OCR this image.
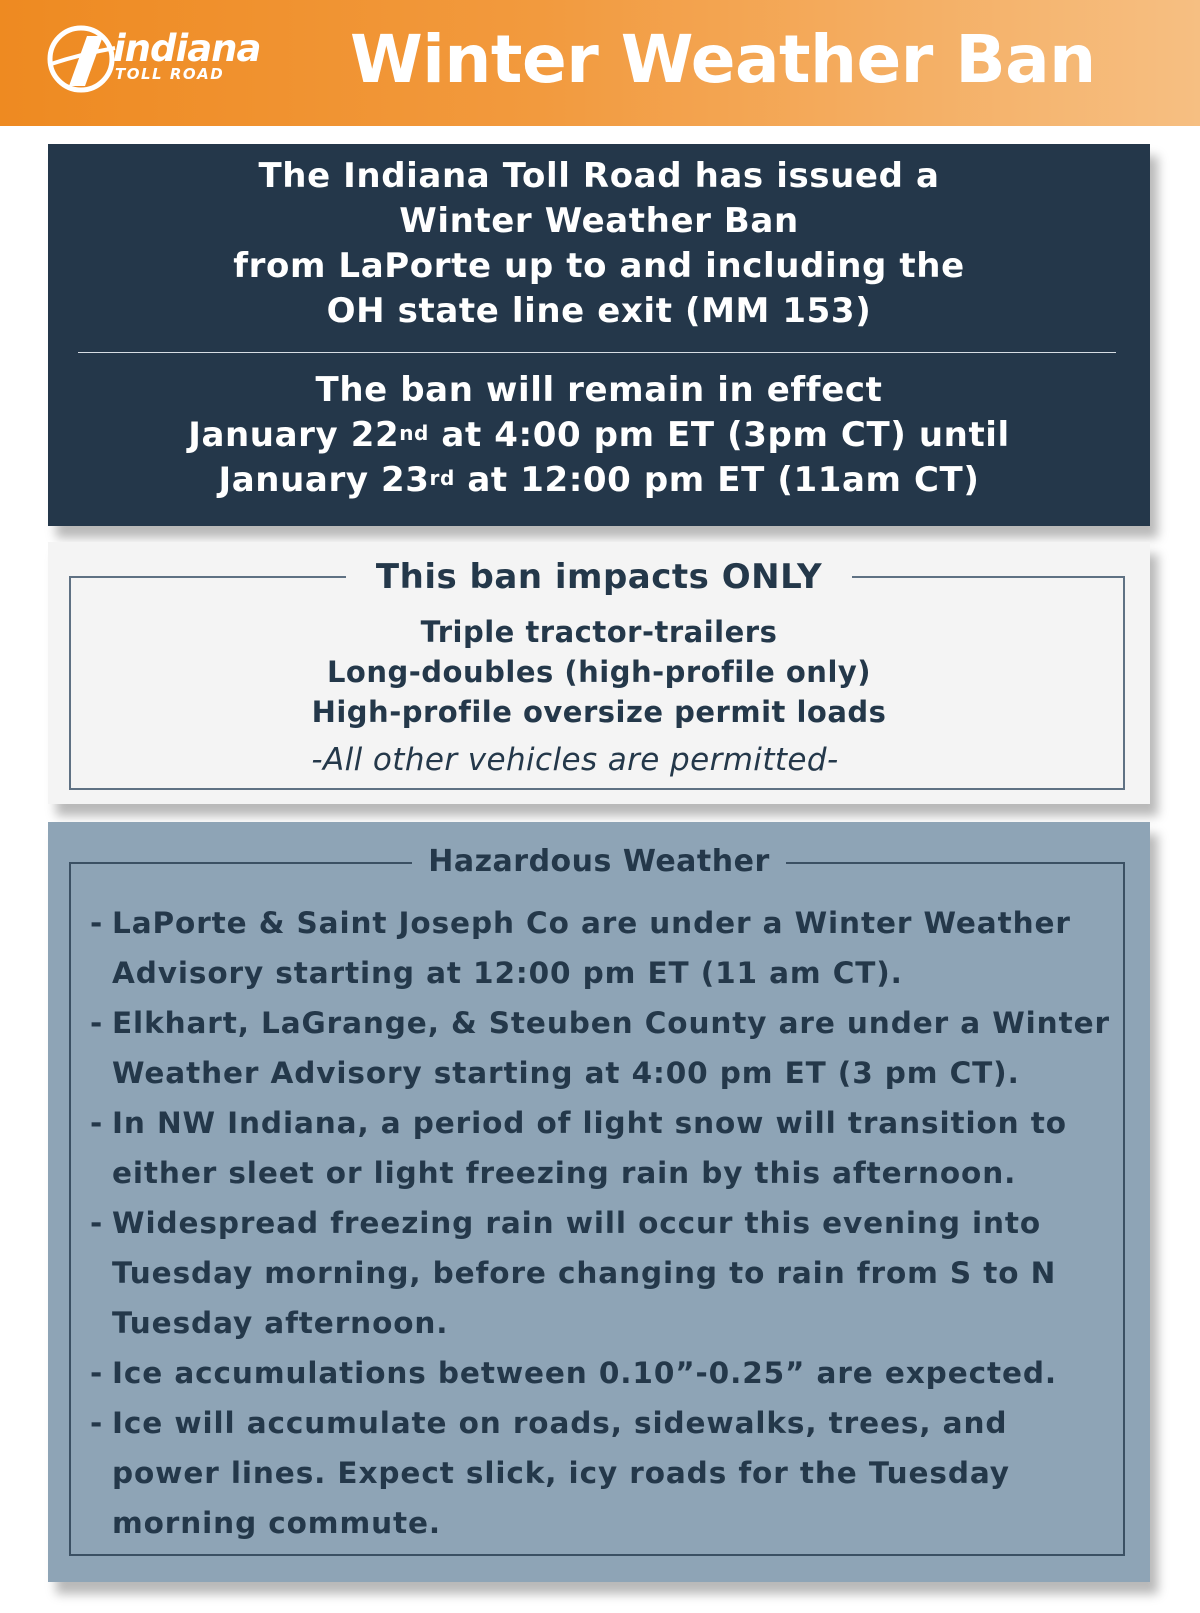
indiana
TOLL ROAD Winter Weather Ban
The Indiana Toll Road has issued a
Winter Weather Ban
from LaPorte up to and including the
OH state line exit (MM 153)
The ban will remain in effect
January 22nd at 4:00 pm ET (3pm CT) until
January 23rd at 12:00 pm ET (11am CT)
This ban impacts ONLY
Triple tractor-trailers
Long-doubles (high-profile only)
High-profile oversize permit loads
-All other vehicles are permitted-
Hazardous Weather
- LaPorte & Saint Joseph Co are under a Winter Weather
Advisory starting at 12:00 pm ET (11 am CT).
- Elkhart, LaGrange, & Steuben County are under a Winter
Weather Advisory starting at 4:00 pm ET (3 pm CT).
- In NW Indiana, a period of light snow will transition to
either sleet or light freezing rain by this afternoon.
- Widespread freezing rain will occur this evening into
Tuesday morning, before changing to rain from S to N
Tuesday afternoon.
- Ice accumulations between 0.10”-0.25” are expected.
- Ice will accumulate on roads, sidewalks, trees, and
power lines. Expect slick, icy roads for the Tuesday
morning commute.
